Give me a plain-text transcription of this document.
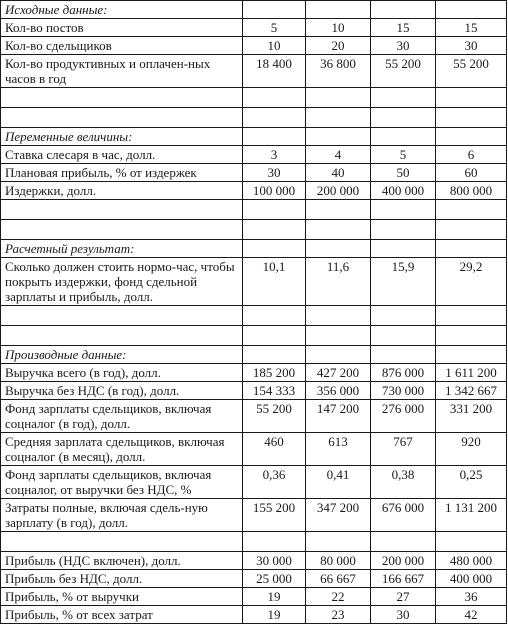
Исходные данные:				
Кол-во постов	5	10	15	15
Кол-во сдельщиков	10	20	30	30
Кол-во продуктивных и оплачен-ных часов в год	18 400	36 800	55 200	55 200

Переменные величины:				
Ставка слесаря в час, долл.	3	4	5	6
Плановая прибыль, % от издержек	30	40	50	60
Издержки, долл.	100 000	200 000	400 000	800 000

Расчетный результат:				
Сколько должен стоить нормо-час, чтобы покрыть издержки, фонд сдельной зарплаты и прибыль, долл.	10,1	11,6	15,9	29,2

Производные данные:				
Выручка всего (в год), долл.	185 200	427 200	876 000	1 611 200
Выручка без НДС (в год), долл.	154 333	356 000	730 000	1 342 667
Фонд зарплаты сдельщиков, включая соцналог (в год), долл.	55 200	147 200	276 000	331 200
Средняя зарплата сдельщиков, включая соцналог (в месяц), долл.	460	613	767	920
Фонд зарплаты сдельщиков, включая соцналог, от выручки без НДС, %	0,36	0,41	0,38	0,25
Затраты полные, включая сдель-ную зарплату (в год), долл.	155 200	347 200	676 000	1 131 200

Прибыль (НДС включен), долл.	30 000	80 000	200 000	480 000
Прибыль без НДС, долл.	25 000	66 667	166 667	400 000
Прибыль, % от выручки	19	22	27	36
Прибыль, % от всех затрат	19	23	30	42
